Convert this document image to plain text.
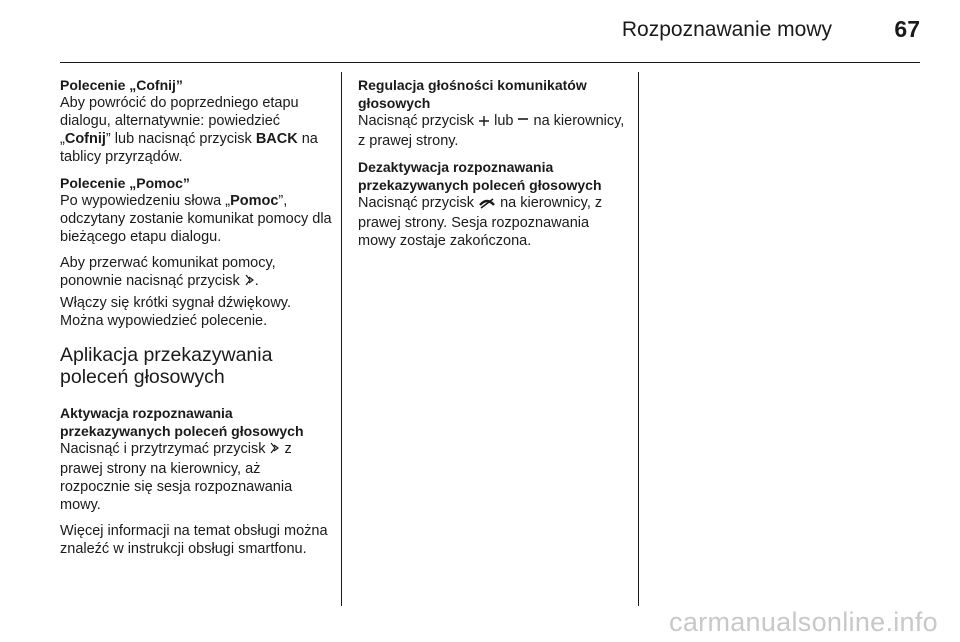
Rozpoznawanie mowy	67
Polecenie „Cofnij”

Aby powrócić do poprzedniego etapu dialogu, alternatywnie: powiedzieć „Cofnij” lub nacisnąć przycisk BACK na tablicy przyrządów.

Polecenie „Pomoc”

Po wypowiedzeniu słowa „Pomoc”, odczytany zostanie komunikat pomocy dla bieżącego etapu dialogu.

Aby przerwać komunikat pomocy, ponownie nacisnąć przycisk .

Włączy się krótki sygnał dźwiękowy. Można wypowiedzieć polecenie.

Aplikacja przekazywania poleceń głosowych
Aktywacja rozpoznawania przekazywanych poleceń głosowych

Nacisnąć i przytrzymać przycisk  z prawej strony na kierownicy, aż rozpocznie się sesja rozpoznawania mowy.

Więcej informacji na temat obsługi można znaleźć w instrukcji obsługi smartfonu.

Regulacja głośności komunikatów głosowych

Nacisnąć przycisk  lub  na kierownicy, z prawej strony.

Dezaktywacja rozpoznawania przekazywanych poleceń głosowych

Nacisnąć przycisk  na kierownicy, z prawej strony. Sesja rozpoznawania mowy zostaje zakończona.

carmanualsonline.info
